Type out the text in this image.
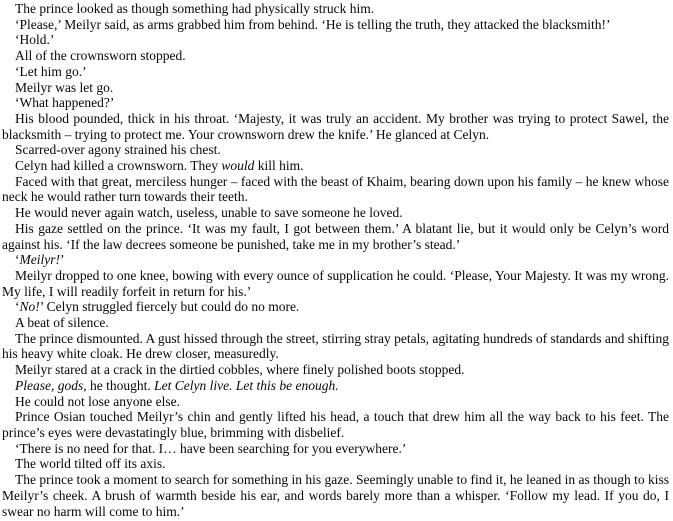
The prince looked as though something had physically struck him.

‘Please,’ Meilyr said, as arms grabbed him from behind. ‘He is telling the truth, they attacked the blacksmith!’

‘Hold.’

All of the crownsworn stopped.

‘Let him go.’

Meilyr was let go.

‘What happened?’

His blood pounded, thick in his throat. ‘Majesty, it was truly an accident. My brother was trying to protect Sawel, the blacksmith – trying to protect me. Your crownsworn drew the knife.’ He glanced at Celyn.

Scarred-over agony strained his chest.

Celyn had killed a crownsworn. They would kill him.

Faced with that great, merciless hunger – faced with the beast of Khaim, bearing down upon his family – he knew whose neck he would rather turn towards their teeth.

He would never again watch, useless, unable to save someone he loved.

His gaze settled on the prince. ‘It was my fault, I got between them.’ A blatant lie, but it would only be Celyn’s word against his. ‘If the law decrees someone be punished, take me in my brother’s stead.’

‘Meilyr!’

Meilyr dropped to one knee, bowing with every ounce of supplication he could. ‘Please, Your Majesty. It was my wrong. My life, I will readily forfeit in return for his.’

‘No!’ Celyn struggled fiercely but could do no more.

A beat of silence.

The prince dismounted. A gust hissed through the street, stirring stray petals, agitating hundreds of standards and shifting his heavy white cloak. He drew closer, measuredly.

Meilyr stared at a crack in the dirtied cobbles, where finely polished boots stopped.

Please, gods, he thought. Let Celyn live. Let this be enough.

He could not lose anyone else.

Prince Osian touched Meilyr’s chin and gently lifted his head, a touch that drew him all the way back to his feet. The prince’s eyes were devastatingly blue, brimming with disbelief.

‘There is no need for that. I… have been searching for you everywhere.’

The world tilted off its axis.

The prince took a moment to search for something in his gaze. Seemingly unable to find it, he leaned in as though to kiss Meilyr’s cheek. A brush of warmth beside his ear, and words barely more than a whisper. ‘Follow my lead. If you do, I swear no harm will come to him.’
